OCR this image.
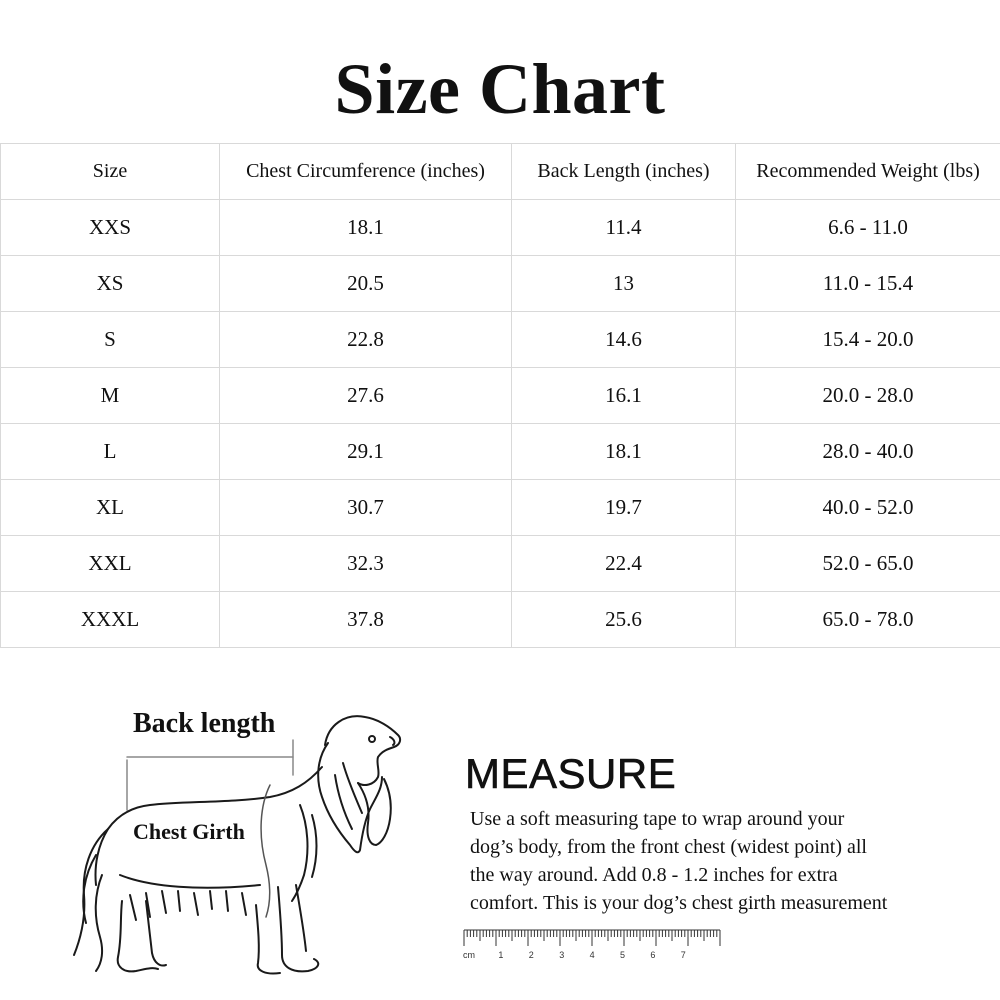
Size Chart
Size	Chest Circumference (inches)	Back Length (inches)	Recommended Weight (lbs)
XXS	18.1	11.4	6.6 - 11.0
XS	20.5	13	11.0 - 15.4
S	22.8	14.6	15.4 - 20.0
M	27.6	16.1	20.0 - 28.0
L	29.1	18.1	28.0 - 40.0
XL	30.7	19.7	40.0 - 52.0
XXL	32.3	22.4	52.0 - 65.0
XXXL	37.8	25.6	65.0 - 78.0
Back length
Chest Girth
MEASURE
Use a soft measuring tape to wrap around your
dog’s body, from the front chest (widest point) all
the way around. Add 0.8 - 1.2 inches for extra
comfort. This is your dog’s chest girth measurement
cm	1	2	3	4	5	6	7
